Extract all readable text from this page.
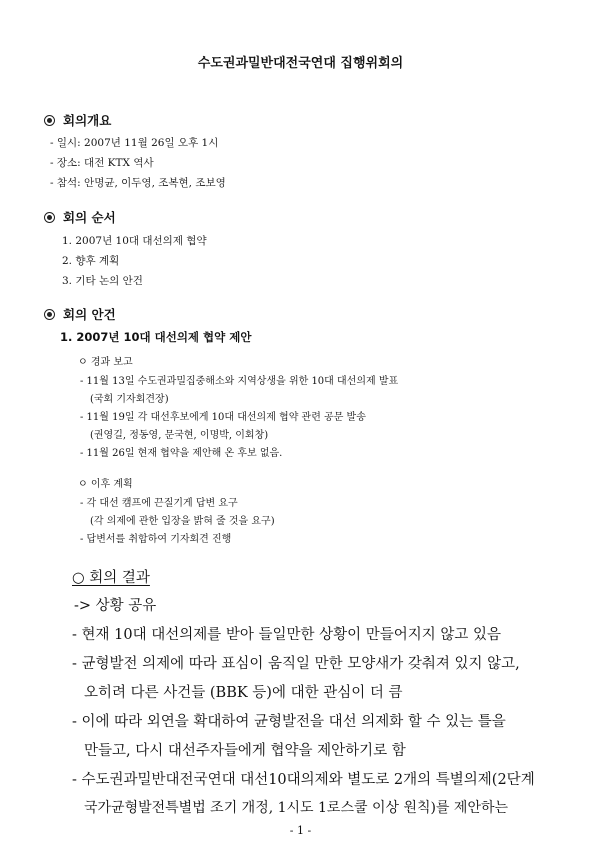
수도권과밀반대전국연대 집행위회의
회의개요
- 일시: 2007년 11월 26일 오후 1시
- 장소: 대전 KTX 역사
- 참석: 안명균, 이두영, 조복현, 조보영
회의 순서
1. 2007년 10대 대선의제 협약
2. 향후 계획
3. 기타 논의 안건
회의 안건
1. 2007년 10대 대선의제 협약 제안
ㅇ 경과 보고
- 11월 13일 수도권과밀집중해소와 지역상생을 위한 10대 대선의제 발표
(국회 기자회견장)
- 11월 19일 각 대선후보에게 10대 대선의제 협약 관련 공문 발송
(권영길, 정동영, 문국현, 이명박, 이회창)
- 11월 26일 현재 협약을 제안해 온 후보 없음.
ㅇ 이후 계획
- 각 대선 캠프에 끈질기게 답변 요구
(각 의제에 관한 입장을 밝혀 줄 것을 요구)
- 답변서를 취합하여 기자회견 진행
○ 회의 결과
-> 상황 공유
- 현재 10대 대선의제를 받아 들일만한 상황이 만들어지지 않고 있음
- 균형발전 의제에 따라 표심이 움직일 만한 모양새가 갖춰져 있지 않고,
오히려 다른 사건들 (BBK 등)에 대한 관심이 더 큼
- 이에 따라 외연을 확대하여 균형발전을 대선 의제화 할 수 있는 틀을
만들고, 다시 대선주자들에게 협약을 제안하기로 함
- 수도권과밀반대전국연대 대선10대의제와 별도로 2개의 특별의제(2단계
국가균형발전특별법 조기 개정, 1시도 1로스쿨 이상 원칙)를 제안하는
- 1 -
